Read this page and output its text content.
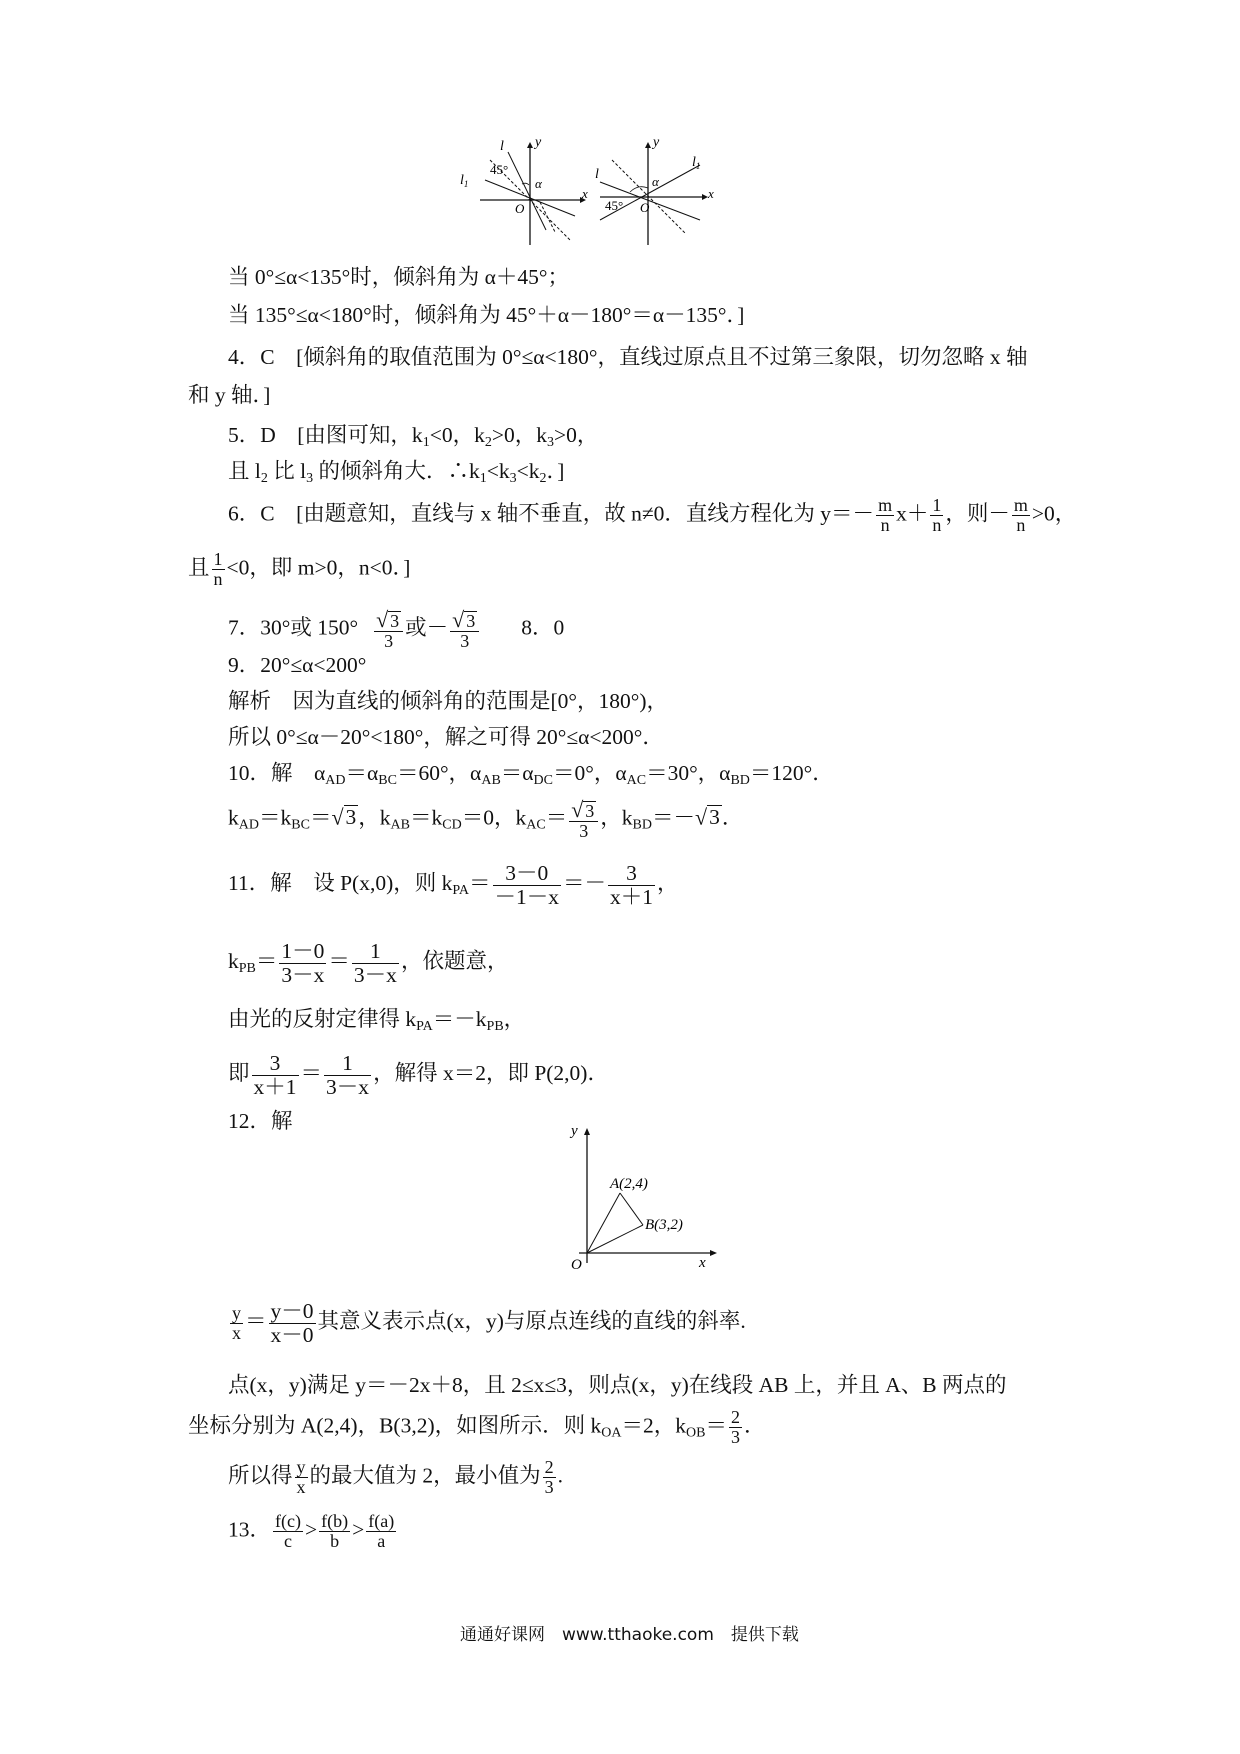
l y
$l_1$
45°
α
x
O
l
y
$l_1$
α
45°
x
O
当 0°≤α<135°时，倾斜角为 α＋45°；
当 135°≤α<180°时，倾斜角为 45°＋α－180°＝α－135°．]
4．C　[倾斜角的取值范围为 0°≤α<180°，直线过原点且不过第三象限，切勿忽略 x 轴
和 y 轴．]
5．D　[由图可知，$k_1<0$，$k_2>0$，$k_3>0$，
且 $l_2$ 比 $l_3$ 的倾斜角大．$\therefore k_1<k_3<k_2$．]
6．C　[由题意知，直线与 x 轴不垂直，故 n≠0．直线方程化为 $y=- \frac{m}{n} x+ \frac{1}{n}$ ，则－ $\frac{m}{n} >0$，
且 $\frac{1}{n} <0$，即 m>0，n<0．]
7．30°或 $150^\circ \frac{√ 3}{3}$ 或－ $\frac{√ 3}{3} 8$．0
9．20°≤α<200°
解析　因为直线的倾斜角的范围是[0°，180°)，
所以 0°≤α－20°<180°，解之可得 20°≤α<200°．
10．解　$\alpha_{AD}=\alpha_{BC}=60^\circ$，$\alpha_{AB}=\alpha_{DC}=0^\circ$，$\alpha_{AC}=30^\circ$，$\alpha_{BD}=120^\circ$．
$k_{AD}=k_{BC}=√3$，$k_{AB}=k_{CD}=0$，$k_{AC}= \frac{√ 3}{3}$ ，$k_{BD}=-√3$．
11．解　设 P(x,0)，则 $k_{PA}= \frac{3-0}{-1-x} =- \frac{3}{x+1}$ ，
$k_{PB}= \frac{1-0}{3-x} = \frac{1}{3-x}$ ，依题意，
由光的反射定律得 $k_{PA}=-k_{PB}$，
即 $\frac{3}{x+1} = \frac{1}{3-x}$ ，解得 x＝2，即 P(2,0)．
12．解	y
x
O
A(2,4)
B(3,2)
$\frac{y}{x} = \frac{y-0}{x-0}$ 其意义表示点(x，y)与原点连线的直线的斜率.
点(x，y)满足 y＝－2x＋8，且 2≤x≤3，则点(x，y)在线段 AB 上，并且 A、B 两点的
坐标分别为 A(2,4)，B(3,2)，如图所示．则 $k_{OA}=2$，$k_{OB}= \frac{2}{3}$ ．
所以得 $\frac{y}{x}$ 的最大值为 2，最小值为 $\frac{2}{3}$ .
13． $\frac{f(c)}{c} > \frac{f(b)}{b} > \frac{f(a)}{a}$
通通好课网　www.tthaoke.com　提供下载
